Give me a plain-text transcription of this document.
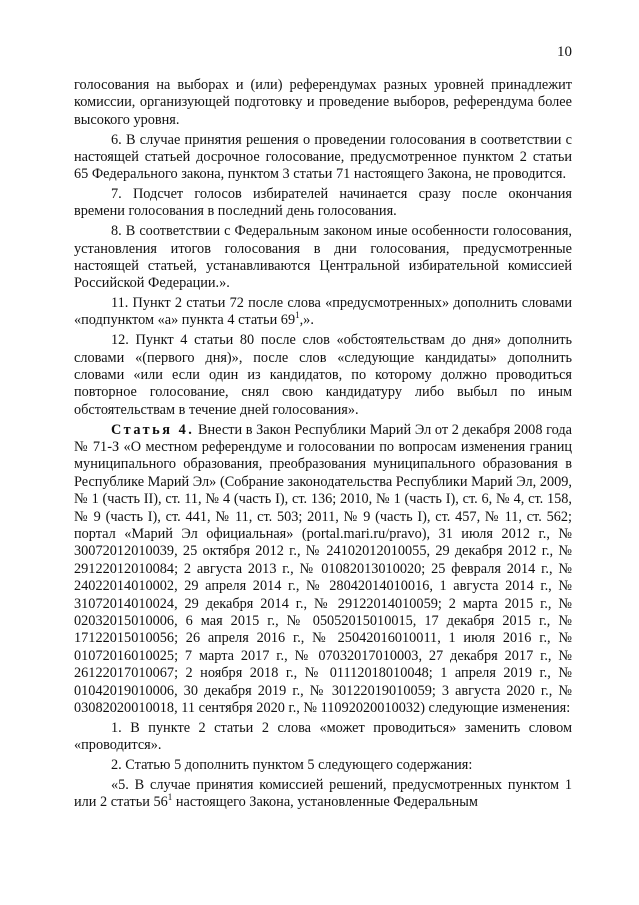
10

голосования на выборах и (или) референдумах разных уровней принадлежит комиссии, организующей подготовку и проведение выборов, референдума более высокого уровня.

6. В случае принятия решения о проведении голосования в соответствии с настоящей статьей досрочное голосование, предусмотренное пунктом 2 статьи 65 Федерального закона, пунктом 3 статьи 71 настоящего Закона, не проводится.

7. Подсчет голосов избирателей начинается сразу после окончания времени голосования в последний день голосования.

8. В соответствии с Федеральным законом иные особенности голосования, установления итогов голосования в дни голосования, предусмотренные настоящей статьей, устанавливаются Центральной избирательной комиссией Российской Федерации.».

11. Пункт 2 статьи 72 после слова «предусмотренных» дополнить словами «подпунктом «а» пункта 4 статьи $69^1$,».

12. Пункт 4 статьи 80 после слов «обстоятельствам до дня» дополнить словами «(первого дня)», после слов «следующие кандидаты» дополнить словами «или если один из кандидатов, по которому должно проводиться повторное голосование, снял свою кандидатуру либо выбыл по иным обстоятельствам в течение дней голосования».

Статья 4. Внести в Закон Республики Марий Эл от 2 декабря 2008 года № 71-З «О местном референдуме и голосовании по вопросам изменения границ муниципального образования, преобразования муниципального образования в Республике Марий Эл» (Собрание законодательства Республики Марий Эл, 2009, № 1 (часть II), ст. 11, № 4 (часть I), ст. 136; 2010, № 1 (часть I), ст. 6, № 4, ст. 158, № 9 (часть I), ст. 441, № 11, ст. 503; 2011, № 9 (часть I), ст. 457, № 11, ст. 562; портал «Марий Эл официальная» (portal.mari.ru/pravo), 31 июля 2012 г., № 30072012010039, 25 октября 2012 г., № 24102012010055, 29 декабря 2012 г., № 29122012010084; 2 августа 2013 г., № 01082013010020; 25 февраля 2014 г., № 24022014010002, 29 апреля 2014 г., № 28042014010016, 1 августа 2014 г., № 31072014010024, 29 декабря 2014 г., № 29122014010059; 2 марта 2015 г., № 02032015010006, 6 мая 2015 г., № 05052015010015, 17 декабря 2015 г., № 17122015010056; 26 апреля 2016 г., № 25042016010011, 1 июля 2016 г., № 01072016010025; 7 марта 2017 г., № 07032017010003, 27 декабря 2017 г., № 26122017010067; 2 ноября 2018 г., № 01112018010048; 1 апреля 2019 г., № 01042019010006, 30 декабря 2019 г., № 30122019010059; 3 августа 2020 г., № 03082020010018, 11 сентября 2020 г., № 11092020010032) следующие изменения:

1. В пункте 2 статьи 2 слова «может проводиться» заменить словом «проводится».

2. Статью 5 дополнить пунктом 5 следующего содержания:

«5. В случае принятия комиссией решений, предусмотренных пунктом 1 или 2 статьи $56^1$ настоящего Закона, установленные Федеральным
